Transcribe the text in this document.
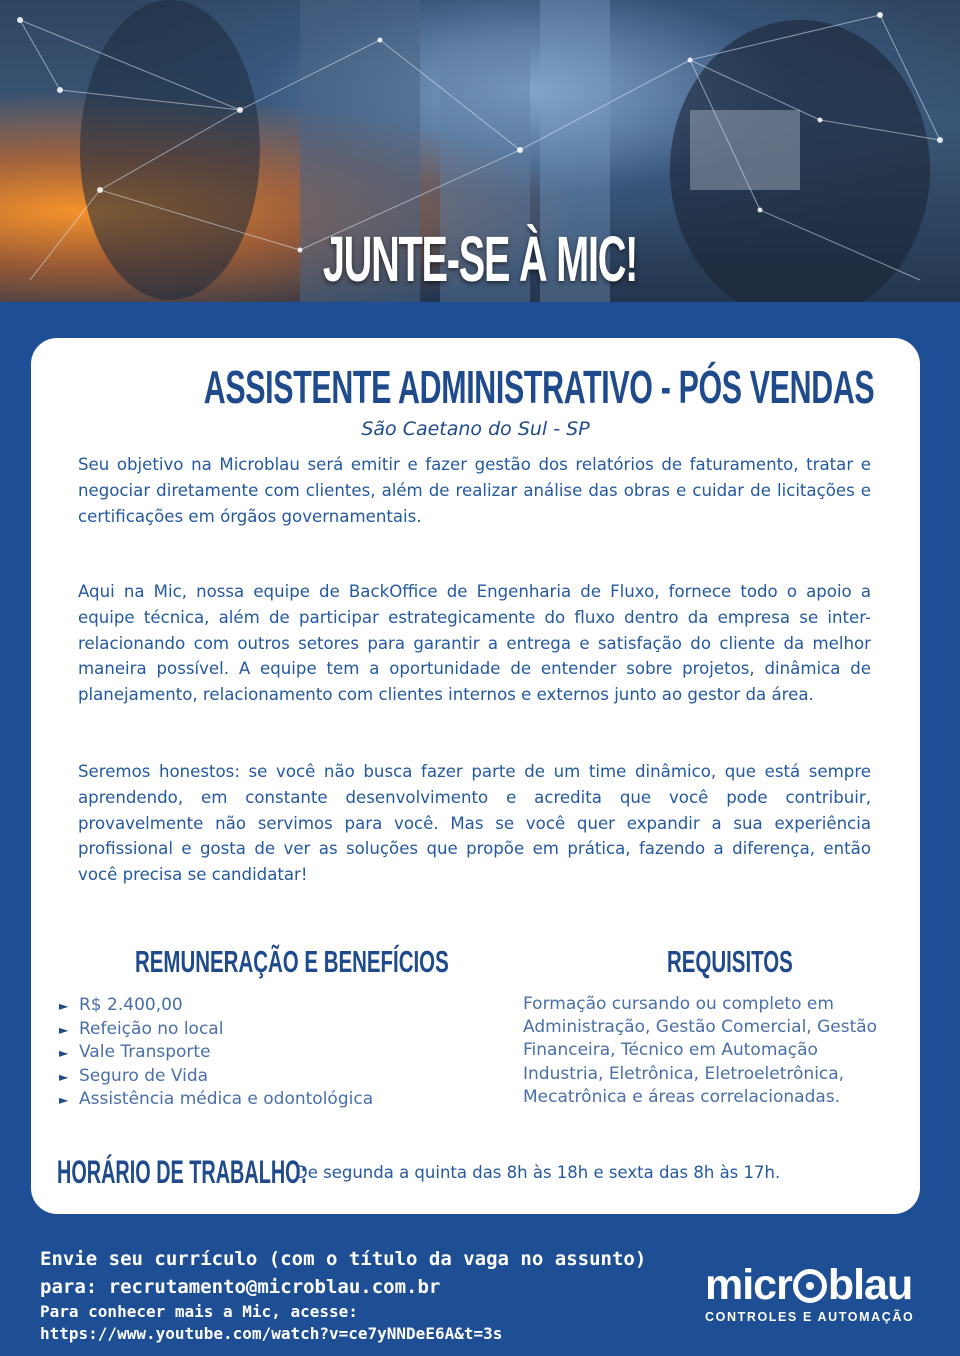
JUNTE-SE À MIC!
ASSISTENTE ADMINISTRATIVO - PÓS VENDAS
São Caetano do Sul - SP

Seu objetivo na Microblau será emitir e fazer gestão dos relatórios de faturamento, tratar e negociar diretamente com clientes, além de realizar análise das obras e cuidar de licitações e certificações em órgãos governamentais.

Aqui na Mic, nossa equipe de BackOffice de Engenharia de Fluxo, fornece todo o apoio a equipe técnica, além de participar estrategicamente do fluxo dentro da empresa se inter-relacionando com outros setores para garantir a entrega e satisfação do cliente da melhor maneira possível. A equipe tem a oportunidade de entender sobre projetos, dinâmica de planejamento, relacionamento com clientes internos e externos junto ao gestor da área.

Seremos honestos: se você não busca fazer parte de um time dinâmico, que está sempre aprendendo, em constante desenvolvimento e acredita que você pode contribuir, provavelmente não servimos para você. Mas se você quer expandir a sua experiência profissional e gosta de ver as soluções que propõe em prática, fazendo a diferença, então você precisa se candidatar!

REMUNERAÇÃO E BENEFÍCIOS	REQUISITOS
► R$ 2.400,00
► Refeição no local
► Vale Transporte
► Seguro de Vida
► Assistência médica e odontológica

Formação cursando ou completo em Administração, Gestão Comercial, Gestão Financeira, Técnico em Automação Industria, Eletrônica, Eletroeletrônica, Mecatrônica e áreas correlacionadas.

HORÁRIO DE TRABALHO:De segunda a quinta das 8h às 18h e sexta das 8h às 17h.
Envie seu currículo (com o título da vaga no assunto)
para: recrutamento@microblau.com.br
Para conhecer mais a Mic, acesse:
https://www.youtube.com/watch?v=ce7yNNDeE6A&t=3s
micr blau
CONTROLES E AUTOMAÇÃO
